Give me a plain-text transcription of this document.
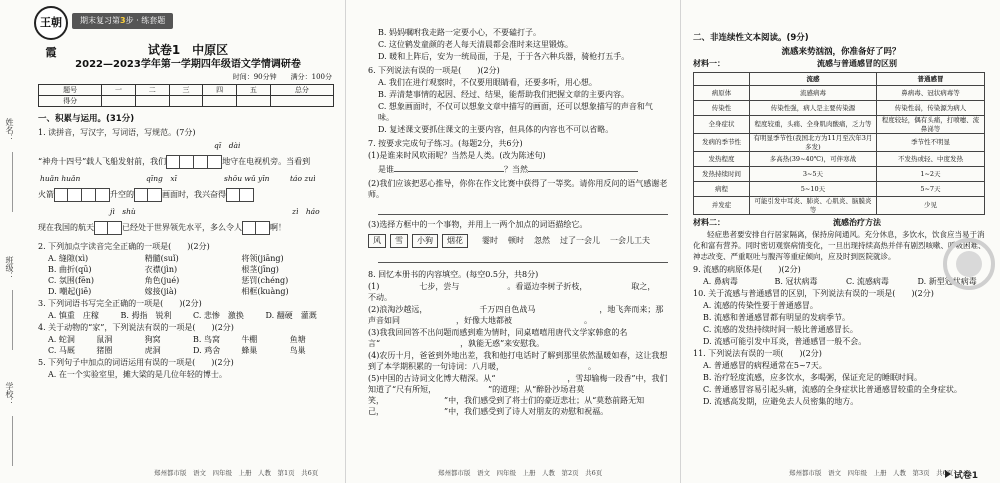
姓名：
班级：
学校：
王朝霞
期末复习第3步 · 练套题
试卷1　中原区
2022—2023学年第一学期四年级语文学情调研卷
时间：90分钟　　满分：100分
题号	一	二	三	四	五	总分
得分						
一、积累与运用。(31分)
1. 读拼音，写汉字，写词语，写规范。(7分)
qī　dài
“神舟十四号”载人飞船发射前，我们	地守在电视机旁。当看到
huǎn huǎn	qīng　xī	shōu wǔ yīn	táo zuì
火箭	升空的	画面时，我兴奋得
jì　shù	zì　háo
现在我国的航天	已经处于世界领先水平，多么令人	啊！
2. 下列加点字读音完全正确的一项是(　　)(2分)
A. 缝隙(xì)	精髓(suǐ)	将领(jiāng)
B. 曲折(qū)	衣襟(jìn)	根茎(jīng)
C. 氛围(fēn)	角色(jué)	惩罚(chéng)
D. 嘲起(jiē)	嫁接(jià)	相框(kuàng)
3. 下列词语书写完全正确的一项是(　　)(2分)
A. 慎重　庄稼	B. 拇指　锐利	C. 悲惨　激换	D. 翻硬　灌溉
4. 关于动物的“家”，下列说法有误的一项是(　　)(2分)
A. 蛇洞	鼠洞	狗窝	B. 鸟窝	牛棚	鱼塘
C. 马厩	猪圈	虎洞	D. 鸡舍	蜂巢	鸟巢
5. 下列句子中加点的词语运用有误的一项是(　　)(2分)
A. 在一个实验室里，摊大梁的是几位年轻的博士。
郑州都市版　语文　四年级　上册　人教　第1页　共6页
B. 妈妈嘱咐我走路一定要小心，不要磕打子。
C. 这位鹤发童颜的老人每天清晨都会准时来这里锻炼。
D. 暖和上阵后，安为一统局面，于是，于于各六种兵器，骑枪打五手。
6. 下列说法有误的一项是(　　)(2分)
A. 我们在进行观察时，不仅要用眼睛看，还要多听，用心想。
B. 弄清楚事情的起因、经过、结果，能帮助我们把握文章的主要内容。
C. 想象画面时，不仅可以想象文章中描写的画面，还可以想象描写的声音和气味。
D. 复述课文要抓住课文的主要内容，但具体的内容也不可以省略。
7. 按要求完成句子练习。(每题2分，共6分)
(1)是谁来时风吹雨呢？当然是人类。(改为陈述句)
是谁	？当然
(2)我们应该把恶心推导，你你在作文比赛中获得了一等奖。请你用反问的语气感谢老师。
(3)选择方框中的一个事物，并用上一两个加点的词语描绘它。
风	雪	小狗	烟花	霎时 顿时 忽然 过了一会儿 一会儿工夫
8. 回忆本册书的内容填空。(每空0.5分，共8分)
(1)　　　　　七步，尝与　　　　　　。看逼边李树子折枝，　　　　　　取之，　　　　不动。
(2)浪淘沙越远，　　　　　　　千万四自色战马　　　　　　　　，地飞奔而来；那声音如同　　　　　　　，好像大地都被　　　　　　　　　。
(3)我我回回答不出问题而感到难为情时，同桌嘻嘻用唐代文学家韩愈的名言“　　　　　　　　　　，孰能无惑”来安慰我。
(4)农历十月，爸爸到外地出差，我和他打电话时了解到那里依然温暖如春，这让我想到了本学期积累的一句诗词：八月暖，　　　　　　　　　　　。
(5)中国的古诗词文化博大精深。从“　　　　　　　　　，雪却输梅一段香”中，我们知道了“尺有所短，　　　　　　　”的道理；从“醉卧沙场君莫笑，　　　　　　　　”中，我们感受到了将士们的豪迈悲壮；从“莫愁前路无知己，　　　　　　　　”中，我们感受到了诗人对朋友的劝慰和祝福。
郑州都市版　语文　四年级　上册　人教　第2页　共6页
二、非连续性文本阅读。(9分)
流感来势汹汹，你准备好了吗？
材料一：	流感与普通感冒的区别
	流感	普通感冒
病原体	流感病毒	鼻病毒、冠状病毒等
传染性	传染性强，病人是主要传染源	传染性弱，传染源为病人
全身症状	程度较重，头痛、全身肌肉酸痛，乏力等	程度较轻，偶有头痛，打喷嚏、流鼻涕等
发病的季节性	有明显季节性(我国北方为11月至次年3月多发)	季节性不明显
发热程度	多高热(39~40℃)，可伴寒战	不发热或轻、中度发热
发热持续时间	3~5天	1~2天
病程	5~10天	5~7天
并发症	可能引发中耳炎、肺炎、心肌炎、脑膜炎等	少见
材料二：	流感治疗方法
轻症患者要安排自行居家隔离，保持房间通风。充分休息，多饮水，饮食应当易于消化和富有营养。同时密切观察病情变化，一旦出现持续高热并伴有剧烈咳嗽、呼吸困难、神志改变、严重呕吐与腹泻等重症倾向，应及时到医院就诊。
9. 流感的病原体是(　　)(2分)
A. 鼻病毒	B. 冠状病毒	C. 流感病毒	D. 新型冠状病毒
10. 关于流感与普通感冒的区别，下列说法有误的一项是(　　)(2分)
A. 流感的传染性要于普通感冒。
B. 流感和普通感冒都有明显的发病季节。
C. 流感的发热持续时间一般比普通感冒长。
D. 流感可能引发中耳炎，普通感冒一般不会。
11. 下列说法有误的一项(　　)(2分)
A. 普通感冒的病程通常在5~7天。
B. 治疗轻度流感，应多饮水，多喝粥，保证充足的睡眠时间。
C. 普通感冒容易引起头痛，流感的全身症状比普通感冒较重的全身症状。
D. 流感高发期，应避免去人员密集的地方。
郑州都市版　语文　四年级　上册　人教　第3页　共6页 试卷1
